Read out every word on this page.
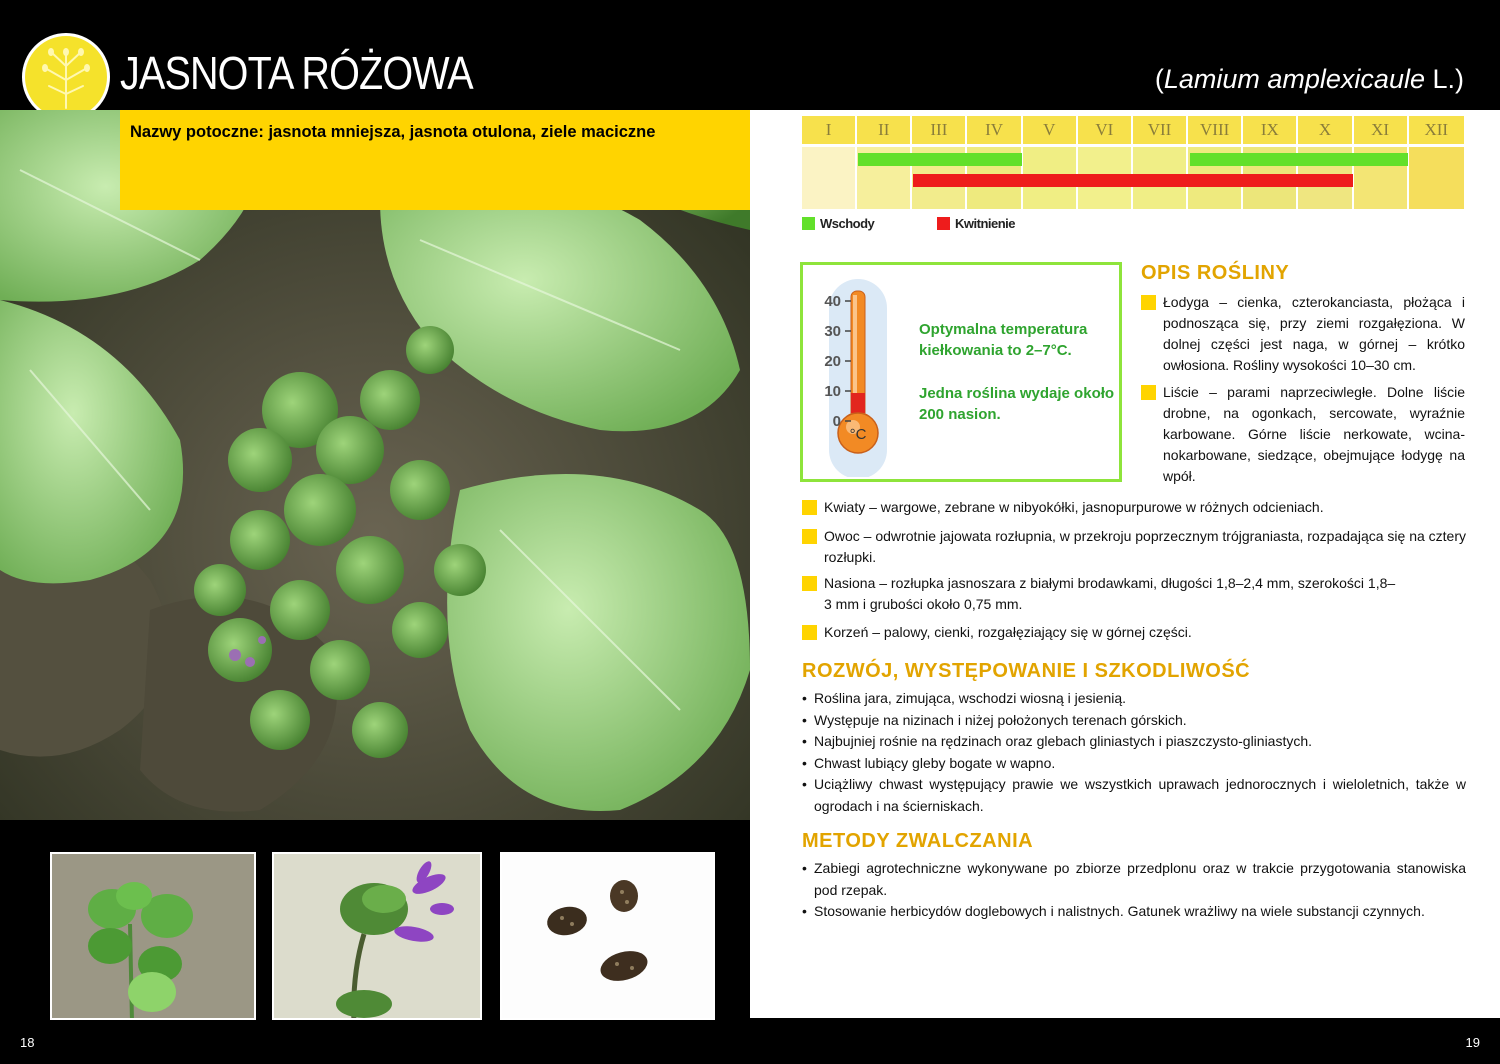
JASNOTA RÓŻOWA	(Lamium amplexicaule L.)
Nazwy potoczne: jasnota mniejsza, jasnota otulona, ziele maciczne
18
I	II	III	IV	V	VI	VII	VIII	IX	X	XI	XII
Wschody	Kwitnienie
40
30
20
10
0
°C
Optymalna temperatura kiełkowania to 2–7°C.
Jedna roślina wydaje około 200 nasion.
OPIS ROŚLINY
Łodyga – cienka, czterokanciasta, płożąca i podnosząca się, przy ziemi rozgałęziona. W dolnej części jest naga, w górnej – krótko owłosiona. Rośliny wysokości 10–30 cm.
Liście – parami naprzeciwległe. Dolne liście drobne, na ogonkach, sercowate, wyraźnie karbowane. Górne liście nerkowate, wcina-nokarbowane, siedzące, obejmujące łodygę na wpół.
Kwiaty – wargowe, zebrane w nibyokółki, jasnopurpurowe w różnych odcieniach.
Owoc – odwrotnie jajowata rozłupnia, w przekroju poprzecznym trójgraniasta, rozpadająca się na cztery rozłupki.
Nasiona – rozłupka jasnoszara z białymi brodawkami, długości 1,8–2,4 mm, szerokości 1,8–3 mm i grubości około 0,75 mm.
Korzeń – palowy, cienki, rozgałęziający się w górnej części.
ROZWÓJ, WYSTĘPOWANIE I SZKODLIWOŚĆ
• Roślina jara, zimująca, wschodzi wiosną i jesienią.
• Występuje na nizinach i niżej położonych terenach górskich.
• Najbujniej rośnie na rędzinach oraz glebach gliniastych i piaszczysto-gliniastych.
• Chwast lubiący gleby bogate w wapno.
• Uciążliwy chwast występujący prawie we wszystkich uprawach jednorocznych i wieloletnich, także w ogrodach i na ścierniskach.
METODY ZWALCZANIA
• Zabiegi agrotechniczne wykonywane po zbiorze przedplonu oraz w trakcie przygotowania stanowiska pod rzepak.
• Stosowanie herbicydów doglebowych i nalistnych. Gatunek wrażliwy na wiele substancji czynnych.
19
